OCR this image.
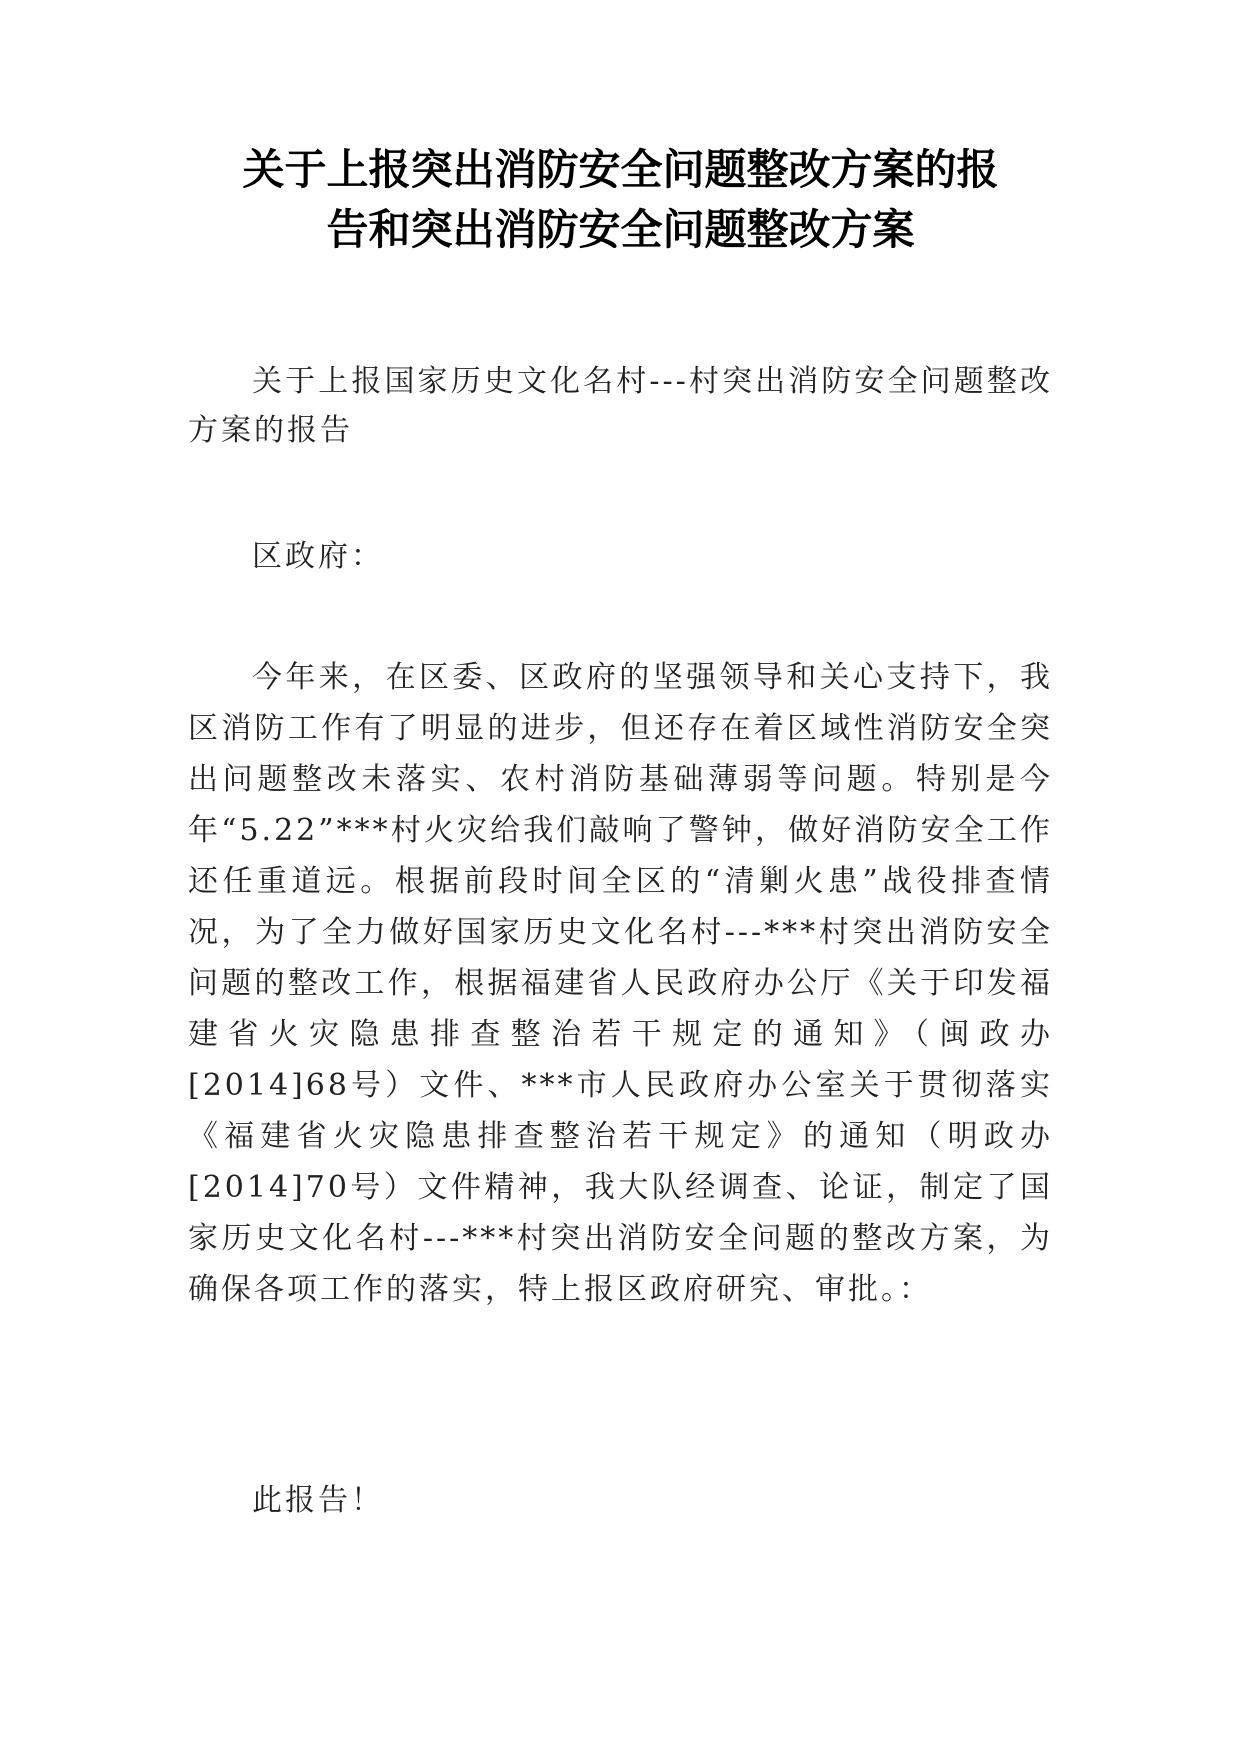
关于上报突出消防安全问题整改方案的报
告和突出消防安全问题整改方案

关于上报国家历史文化名村---村突出消防安全问题整改方案的报告

区政府：

今年来，在区委、区政府的坚强领导和关心支持下，我区消防工作有了明显的进步，但还存在着区域性消防安全突出问题整改未落实、农村消防基础薄弱等问题。特别是今年“5.22”***村火灾给我们敲响了警钟，做好消防安全工作还任重道远。根据前段时间全区的“清剿火患”战役排查情况，为了全力做好国家历史文化名村---***村突出消防安全问题的整改工作，根据福建省人民政府办公厅《关于印发福建省火灾隐患排查整治若干规定的通知》（闽政办[2014]68号）文件、***市人民政府办公室关于贯彻落实《福建省火灾隐患排查整治若干规定》的通知（明政办[2014]70号）文件精神，我大队经调查、论证，制定了国家历史文化名村---***村突出消防安全问题的整改方案，为确保各项工作的落实，特上报区政府研究、审批。：

此报告！
